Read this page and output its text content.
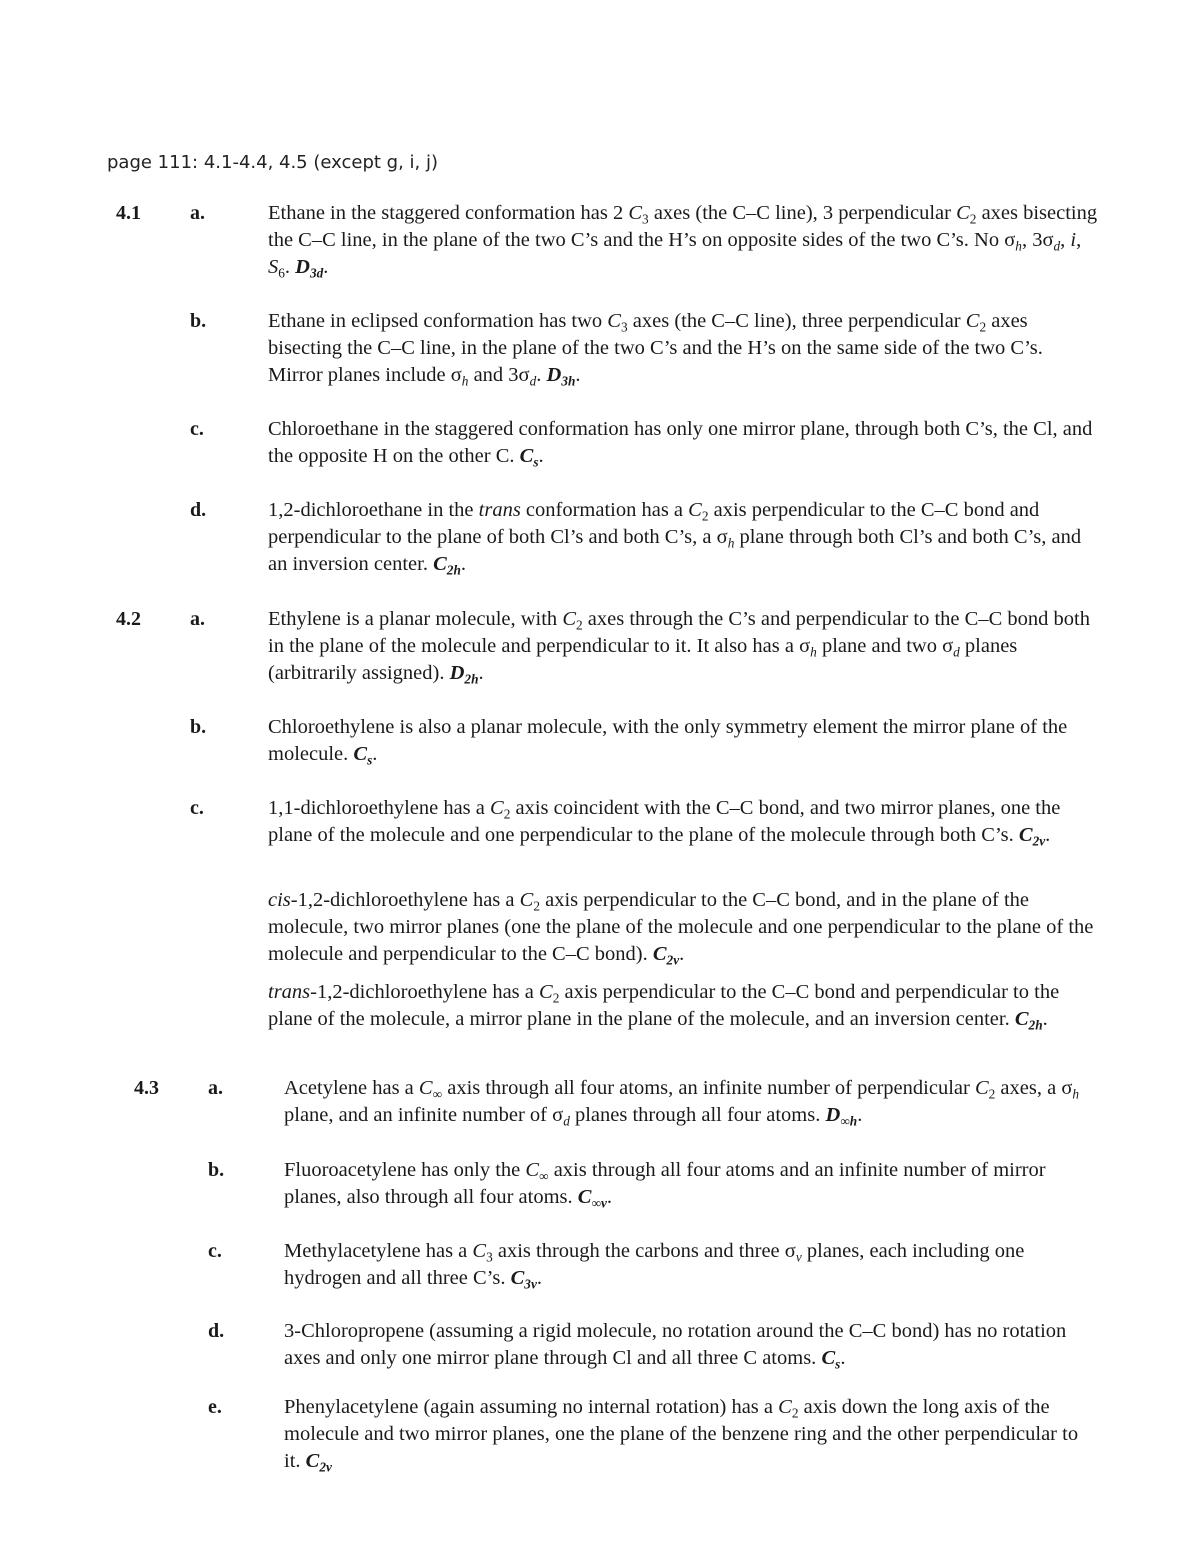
page 111: 4.1-4.4, 4.5 (except g, i, j)
4.1 a.	Ethane in the staggered conformation has 2 $C_3$ axes (the C–C line), 3 perpendicular $C_2$ axes bisecting the C–C line, in the plane of the two C’s and the H’s on opposite sides of the two C’s. No $\sigma_h$, $3\sigma_d$, i, $S_6$. $D_{3d}$.

b.	Ethane in eclipsed conformation has two $C_3$ axes (the C–C line), three perpendicular $C_2$ axes bisecting the C–C line, in the plane of the two C’s and the H’s on the same side of the two C’s. Mirror planes include $\sigma_h$ and $3\sigma_d$. $D_{3h}$.

c.	Chloroethane in the staggered conformation has only one mirror plane, through both C’s, the Cl, and the opposite H on the other C. $C_s$.

d.	1,2-dichloroethane in the trans conformation has a $C_2$ axis perpendicular to the C–C bond and perpendicular to the plane of both Cl’s and both C’s, a $\sigma_h$ plane through both Cl’s and both C’s, and an inversion center. $C_{2h}$.

4.2 a.	Ethylene is a planar molecule, with $C_2$ axes through the C’s and perpendicular to the C–C bond both in the plane of the molecule and perpendicular to it. It also has a $\sigma_h$ plane and two $\sigma_d$ planes (arbitrarily assigned). $D_{2h}$.

b.	Chloroethylene is also a planar molecule, with the only symmetry element the mirror plane of the molecule. $C_s$.

c.	1,1-dichloroethylene has a $C_2$ axis coincident with the C–C bond, and two mirror planes, one the plane of the molecule and one perpendicular to the plane of the molecule through both C’s. $C_{2v}$.

cis-1,2-dichloroethylene has a $C_2$ axis perpendicular to the C–C bond, and in the plane of the molecule, two mirror planes (one the plane of the molecule and one perpendicular to the plane of the molecule and perpendicular to the C–C bond). $C_{2v}$.

trans-1,2-dichloroethylene has a $C_2$ axis perpendicular to the C–C bond and perpendicular to the plane of the molecule, a mirror plane in the plane of the molecule, and an inversion center. $C_{2h}$.

4.3 a.	Acetylene has a $C_\infty$ axis through all four atoms, an infinite number of perpendicular $C_2$ axes, a $\sigma_h$ plane, and an infinite number of $\sigma_d$ planes through all four atoms. $D_{\infty h}$.

b.	Fluoroacetylene has only the $C_\infty$ axis through all four atoms and an infinite number of mirror planes, also through all four atoms. $C_{\infty v}$.

c.	Methylacetylene has a $C_3$ axis through the carbons and three $\sigma_v$ planes, each including one hydrogen and all three C’s. $C_{3v}$.

d.	3-Chloropropene (assuming a rigid molecule, no rotation around the C–C bond) has no rotation axes and only one mirror plane through Cl and all three C atoms. $C_s$.

e.	Phenylacetylene (again assuming no internal rotation) has a $C_2$ axis down the long axis of the molecule and two mirror planes, one the plane of the benzene ring and the other perpendicular to it. $C_{2v}$
